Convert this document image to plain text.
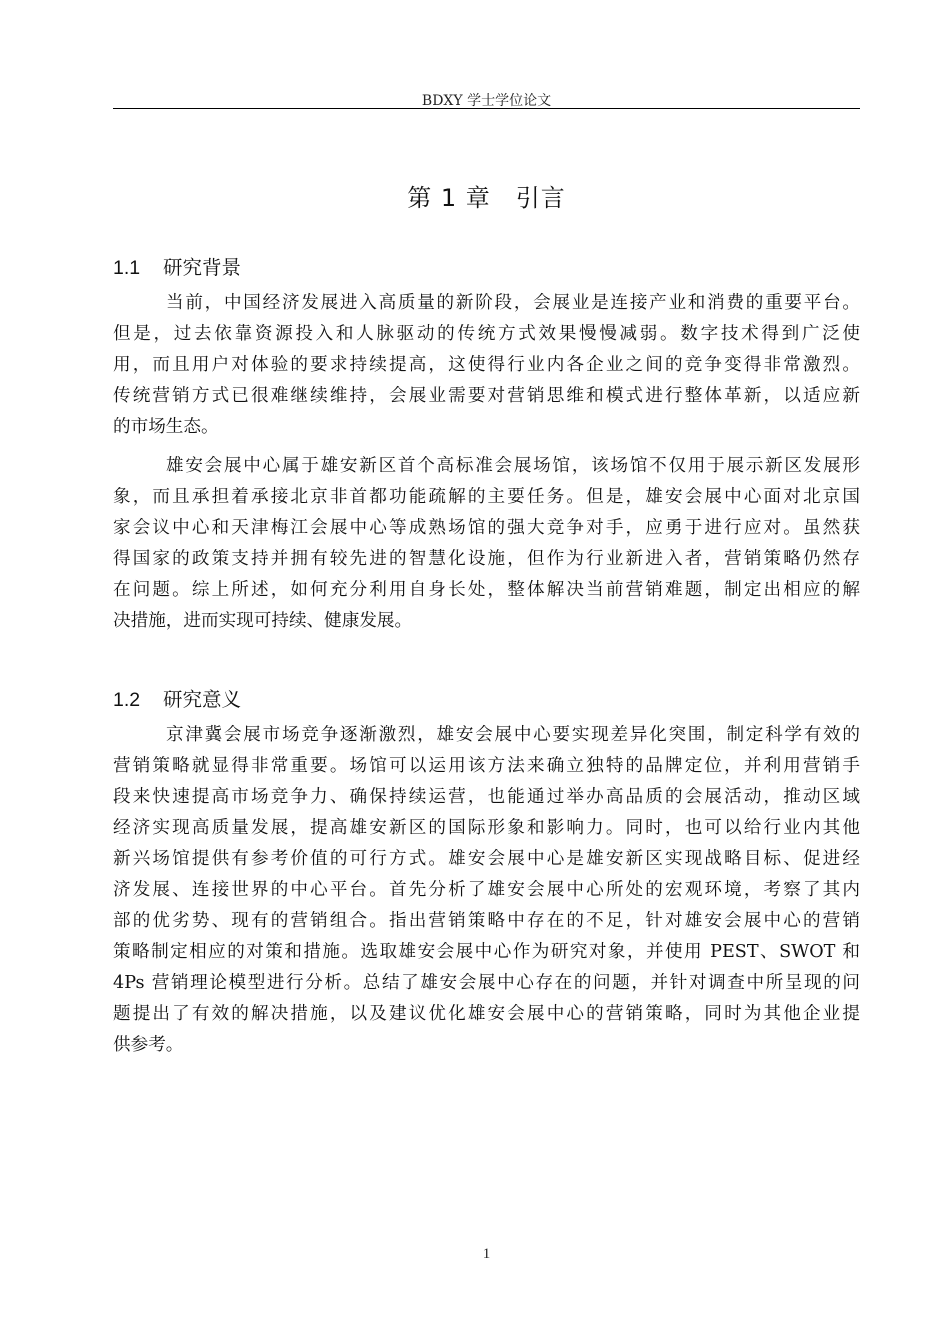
BDXY 学士学位论文
第 1 章　引言
1.1 研究背景
当前，中国经济发展进入高质量的新阶段，会展业是连接产业和消费的重要平台。
但是，过去依靠资源投入和人脉驱动的传统方式效果慢慢减弱。数字技术得到广泛使
用，而且用户对体验的要求持续提高，这使得行业内各企业之间的竞争变得非常激烈。
传统营销方式已很难继续维持，会展业需要对营销思维和模式进行整体革新，以适应新
的市场生态。
雄安会展中心属于雄安新区首个高标准会展场馆，该场馆不仅用于展示新区发展形
象，而且承担着承接北京非首都功能疏解的主要任务。但是，雄安会展中心面对北京国
家会议中心和天津梅江会展中心等成熟场馆的强大竞争对手，应勇于进行应对。虽然获
得国家的政策支持并拥有较先进的智慧化设施，但作为行业新进入者，营销策略仍然存
在问题。综上所述，如何充分利用自身长处，整体解决当前营销难题，制定出相应的解
决措施，进而实现可持续、健康发展。
1.2 研究意义
京津冀会展市场竞争逐渐激烈，雄安会展中心要实现差异化突围，制定科学有效的
营销策略就显得非常重要。场馆可以运用该方法来确立独特的品牌定位，并利用营销手
段来快速提高市场竞争力、确保持续运营，也能通过举办高品质的会展活动，推动区域
经济实现高质量发展，提高雄安新区的国际形象和影响力。同时，也可以给行业内其他
新兴场馆提供有参考价值的可行方式。雄安会展中心是雄安新区实现战略目标、促进经
济发展、连接世界的中心平台。首先分析了雄安会展中心所处的宏观环境，考察了其内
部的优劣势、现有的营销组合。指出营销策略中存在的不足，针对雄安会展中心的营销
策略制定相应的对策和措施。选取雄安会展中心作为研究对象，并使用 PEST、SWOT 和
4Ps 营销理论模型进行分析。总结了雄安会展中心存在的问题，并针对调查中所呈现的问
题提出了有效的解决措施，以及建议优化雄安会展中心的营销策略，同时为其他企业提
供参考。
1
